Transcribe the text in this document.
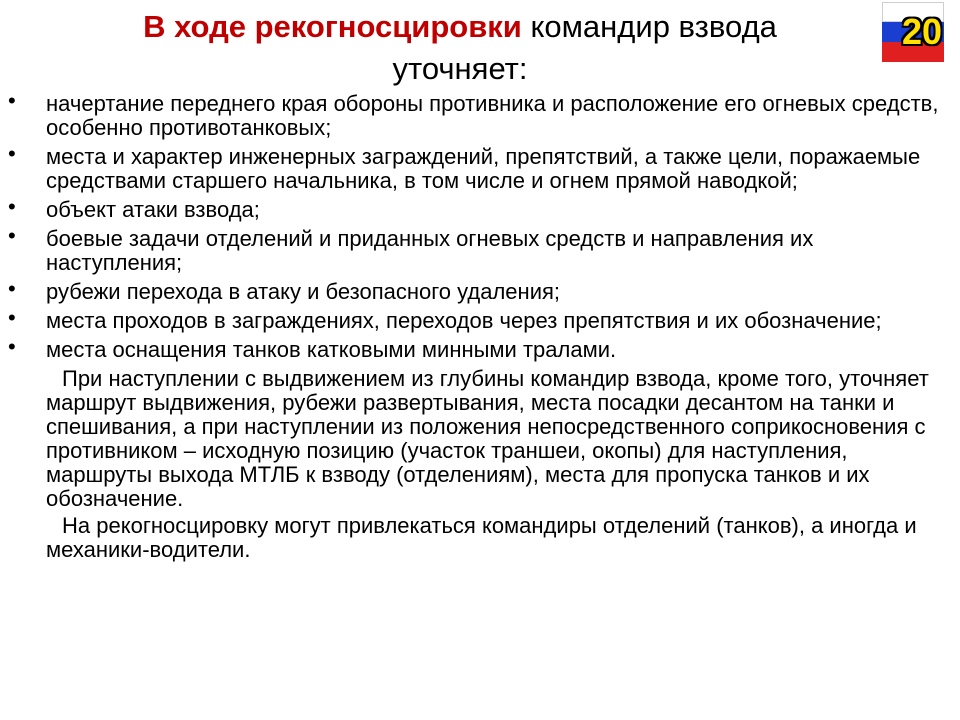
В ходе рекогносцировки командир взвода
уточняет:
20
• начертание переднего края обороны противника и расположение его огневых средств, особенно противотанковых;
• места и характер инженерных заграждений, препятствий, а также цели, поражаемые средствами старшего начальника, в том числе и огнем прямой наводкой;
• объект атаки взвода;
• боевые задачи отделений и приданных огневых средств и направления их наступления;
• рубежи перехода в атаку и безопасного удаления;
• места проходов в заграждениях, переходов через препятствия и их обозначение;
• места оснащения танков катковыми минными тралами.
При наступлении с выдвижением из глубины командир взвода, кроме того, уточняет маршрут выдвижения, рубежи развертывания, места посадки десантом на танки и спешивания, а при наступлении из положения непосредственного соприкосновения с противником – исходную позицию (участок траншеи, окопы) для наступления, маршруты выхода МТЛБ к взводу (отделениям), места для пропуска танков и их обозначение.
На рекогносцировку могут привлекаться командиры отделений (танков), а иногда и механики-водители.
